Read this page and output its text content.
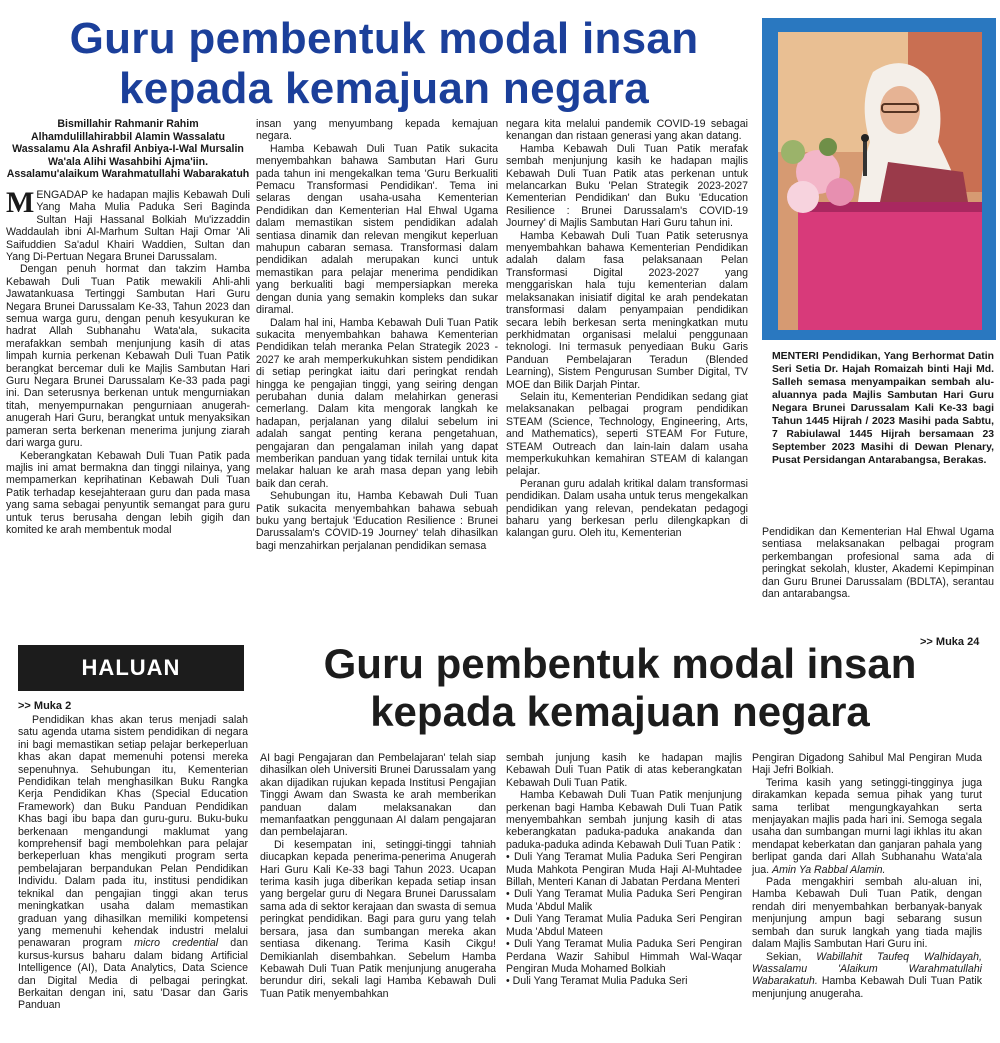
Guru pembentuk modal insan
kepada kemajuan negara

Bismillahir Rahmanir Rahim Alhamdulillahirabbil Alamin Wassalatu Wassalamu Ala Ashrafil Anbiya-I-Wal Mursalin Wa'ala Alihi Wasahbihi Ajma'iin. Assalamu'alaikum Warahmatullahi Wabarakatuh

MENGADAP ke hadapan majlis Kebawah Duli Yang Maha Mulia Paduka Seri Baginda Sultan Haji Hassanal Bolkiah Mu'izzaddin Waddaulah ibni Al-Marhum Sultan Haji Omar 'Ali Saifuddien Sa'adul Khairi Waddien, Sultan dan Yang Di-Pertuan Negara Brunei Darussalam.

Dengan penuh hormat dan takzim Hamba Kebawah Duli Tuan Patik mewakili Ahli-ahli Jawatankuasa Tertinggi Sambutan Hari Guru Negara Brunei Darussalam Ke-33, Tahun 2023 dan semua warga guru, dengan penuh kesyukuran ke hadrat Allah Subhanahu Wata'ala, sukacita merafakkan sembah menjunjung kasih di atas limpah kurnia perkenan Kebawah Duli Tuan Patik berangkat bercemar duli ke Majlis Sambutan Hari Guru Negara Brunei Darussalam Ke-33 pada pagi ini. Dan seterusnya berkenan untuk mengurniakan titah, menyempurnakan pengurniaan anugerah-anugerah Hari Guru, berangkat untuk menyaksikan pameran serta berkenan menerima junjung ziarah dari warga guru.

Keberangkatan Kebawah Duli Tuan Patik pada majlis ini amat bermakna dan tinggi nilainya, yang mempamerkan keprihatinan Kebawah Duli Tuan Patik terhadap kesejahteraan guru dan pada masa yang sama sebagai penyuntik semangat para guru untuk terus berusaha dengan lebih gigih dan komited ke arah membentuk modal

insan yang menyumbang kepada kemajuan negara.

Hamba Kebawah Duli Tuan Patik sukacita menyembahkan bahawa Sambutan Hari Guru pada tahun ini mengekalkan tema 'Guru Berkualiti Pemacu Transformasi Pendidikan'. Tema ini selaras dengan usaha-usaha Kementerian Pendidikan dan Kementerian Hal Ehwal Ugama dalam memastikan sistem pendidikan adalah sentiasa dinamik dan relevan mengikut keperluan mahupun cabaran semasa. Transformasi dalam pendidikan adalah merupakan kunci untuk memastikan para pelajar menerima pendidikan yang berkualiti bagi mempersiapkan mereka dengan dunia yang semakin kompleks dan sukar diramal.

Dalam hal ini, Hamba Kebawah Duli Tuan Patik sukacita menyembahkan bahawa Kementerian Pendidikan telah meranka Pelan Strategik 2023 - 2027 ke arah memperkukuhkan sistem pendidikan di setiap peringkat iaitu dari peringkat rendah hingga ke pengajian tinggi, yang seiring dengan perubahan dunia dalam melahirkan generasi cemerlang. Dalam kita mengorak langkah ke hadapan, perjalanan yang dilalui sebelum ini adalah sangat penting kerana pengetahuan, pengajaran dan pengalaman inilah yang dapat memberikan panduan yang tidak ternilai untuk kita melakar haluan ke arah masa depan yang lebih baik dan cerah.

Sehubungan itu, Hamba Kebawah Duli Tuan Patik sukacita menyembahkan bahawa sebuah buku yang bertajuk 'Education Resilience : Brunei Darussalam's COVID-19 Journey' telah dihasilkan bagi menzahirkan perjalanan pendidikan semasa

negara kita melalui pandemik COVID-19 sebagai kenangan dan ristaan generasi yang akan datang.

Hamba Kebawah Duli Tuan Patik merafak sembah menjunjung kasih ke hadapan majlis Kebawah Duli Tuan Patik atas perkenan untuk melancarkan Buku 'Pelan Strategik 2023-2027 Kementerian Pendidikan' dan Buku 'Education Resilience : Brunei Darussalam's COVID-19 Journey' di Majlis Sambutan Hari Guru tahun ini.

Hamba Kebawah Duli Tuan Patik seterusnya menyembahkan bahawa Kementerian Pendidikan adalah dalam fasa pelaksanaan Pelan Transformasi Digital 2023-2027 yang menggariskan hala tuju kementerian dalam melaksanakan inisiatif digital ke arah pendekatan transformasi dalam penyampaian pendidikan secara lebih berkesan serta meningkatkan mutu perkhidmatan organisasi melalui penggunaan teknologi. Ini termasuk penyediaan Buku Garis Panduan Pembelajaran Teradun (Blended Learning), Sistem Pengurusan Sumber Digital, TV MOE dan Bilik Darjah Pintar.

Selain itu, Kementerian Pendidikan sedang giat melaksanakan pelbagai program pendidikan STEAM (Science, Technology, Engineering, Arts, and Mathematics), seperti STEAM For Future, STEAM Outreach dan lain-lain dalam usaha memperkukuhkan kemahiran STEAM di kalangan pelajar.

Peranan guru adalah kritikal dalam transformasi pendidikan. Dalam usaha untuk terus mengekalkan pendidikan yang relevan, pendekatan pedagogi baharu yang berkesan perlu dilengkapkan di kalangan guru. Oleh itu, Kementerian

MENTERI Pendidikan, Yang Berhormat Datin Seri Setia Dr. Hajah Romaizah binti Haji Md. Salleh semasa menyampaikan sembah alu-aluannya pada Majlis Sambutan Hari Guru Negara Brunei Darussalam Kali Ke-33 bagi Tahun 1445 Hijrah / 2023 Masihi pada Sabtu, 7 Rabiulawal 1445 Hijrah bersamaan 23 September 2023 Masihi di Dewan Plenary, Pusat Persidangan Antarabangsa, Berakas.

Pendidikan dan Kementerian Hal Ehwal Ugama sentiasa melaksanakan pelbagai program perkembangan profesional sama ada di peringkat sekolah, kluster, Akademi Kepimpinan dan Guru Brunei Darussalam (BDLTA), serantau dan antarabangsa.

>> Muka 24
HALUAN
>> Muka 2
Guru pembentuk modal insan
kepada kemajuan negara

Pendidikan khas akan terus menjadi salah satu agenda utama sistem pendidikan di negara ini bagi memastikan setiap pelajar berkeperluan khas akan dapat memenuhi potensi mereka sepenuhnya. Sehubungan itu, Kementerian Pendidikan telah menghasilkan Buku Rangka Kerja Pendidikan Khas (Special Education Framework) dan Buku Panduan Pendidikan Khas bagi ibu bapa dan guru-guru. Buku-buku berkenaan mengandungi maklumat yang komprehensif bagi membolehkan para pelajar berkeperluan khas mengikuti program serta pembelajaran berpandukan Pelan Pendidikan Individu. Dalam pada itu, institusi pendidikan teknikal dan pengajian tinggi akan terus meningkatkan usaha dalam memastikan graduan yang dihasilkan memiliki kompetensi yang memenuhi kehendak industri melalui penawaran program micro credential dan kursus-kursus baharu dalam bidang Artificial Intelligence (AI), Data Analytics, Data Science dan Digital Media di pelbagai peringkat. Berkaitan dengan ini, satu 'Dasar dan Garis Panduan

AI bagi Pengajaran dan Pembelajaran' telah siap dihasilkan oleh Universiti Brunei Darussalam yang akan dijadikan rujukan kepada Institusi Pengajian Tinggi Awam dan Swasta ke arah memberikan panduan dalam melaksanakan dan memanfaatkan penggunaan AI dalam pengajaran dan pembelajaran.

Di kesempatan ini, setinggi-tinggi tahniah diucapkan kepada penerima-penerima Anugerah Hari Guru Kali Ke-33 bagi Tahun 2023. Ucapan terima kasih juga diberikan kepada setiap insan yang bergelar guru di Negara Brunei Darussalam sama ada di sektor kerajaan dan swasta di semua peringkat pendidikan. Bagi para guru yang telah bersara, jasa dan sumbangan mereka akan sentiasa dikenang. Terima Kasih Cikgu! Demikianlah disembahkan. Sebelum Hamba Kebawah Duli Tuan Patik menjunjung anugeraha berundur diri, sekali lagi Hamba Kebawah Duli Tuan Patik menyembahkan

sembah junjung kasih ke hadapan majlis Kebawah Duli Tuan Patik di atas keberangkatan Kebawah Duli Tuan Patik.

Hamba Kebawah Duli Tuan Patik menjunjung perkenan bagi Hamba Kebawah Duli Tuan Patik menyembahkan sembah junjung kasih di atas keberangkatan paduka-paduka anakanda dan paduka-paduka adinda Kebawah Duli Tuan Patik :

• Duli Yang Teramat Mulia Paduka Seri Pengiran Muda Mahkota Pengiran Muda Haji Al-Muhtadee Billah, Menteri Kanan di Jabatan Perdana Menteri
• Duli Yang Teramat Mulia Paduka Seri Pengiran Muda 'Abdul Malik
• Duli Yang Teramat Mulia Paduka Seri Pengiran Muda 'Abdul Mateen
• Duli Yang Teramat Mulia Paduka Seri Pengiran Perdana Wazir Sahibul Himmah Wal-Waqar Pengiran Muda Mohamed Bolkiah
• Duli Yang Teramat Mulia Paduka Seri

Pengiran Digadong Sahibul Mal Pengiran Muda Haji Jefri Bolkiah.

Terima kasih yang setinggi-tingginya juga dirakamkan kepada semua pihak yang turut sama terlibat mengungkayahkan serta menjayakan majlis pada hari ini. Semoga segala usaha dan sumbangan murni lagi ikhlas itu akan mendapat keberkatan dan ganjaran pahala yang berlipat ganda dari Allah Subhanahu Wata'ala jua. Amin Ya Rabbal Alamin.

Pada mengakhiri sembah alu-aluan ini, Hamba Kebawah Duli Tuan Patik, dengan rendah diri menyembahkan berbanyak-banyak menjunjung ampun bagi sebarang susun sembah dan suruk langkah yang tiada majlis dalam Majlis Sambutan Hari Guru ini.

Sekian, Wabillahit Taufeq Walhidayah, Wassalamu 'Alaikum Warahmatullahi Wabarakatuh. Hamba Kebawah Duli Tuan Patik menjunjung anugeraha.
